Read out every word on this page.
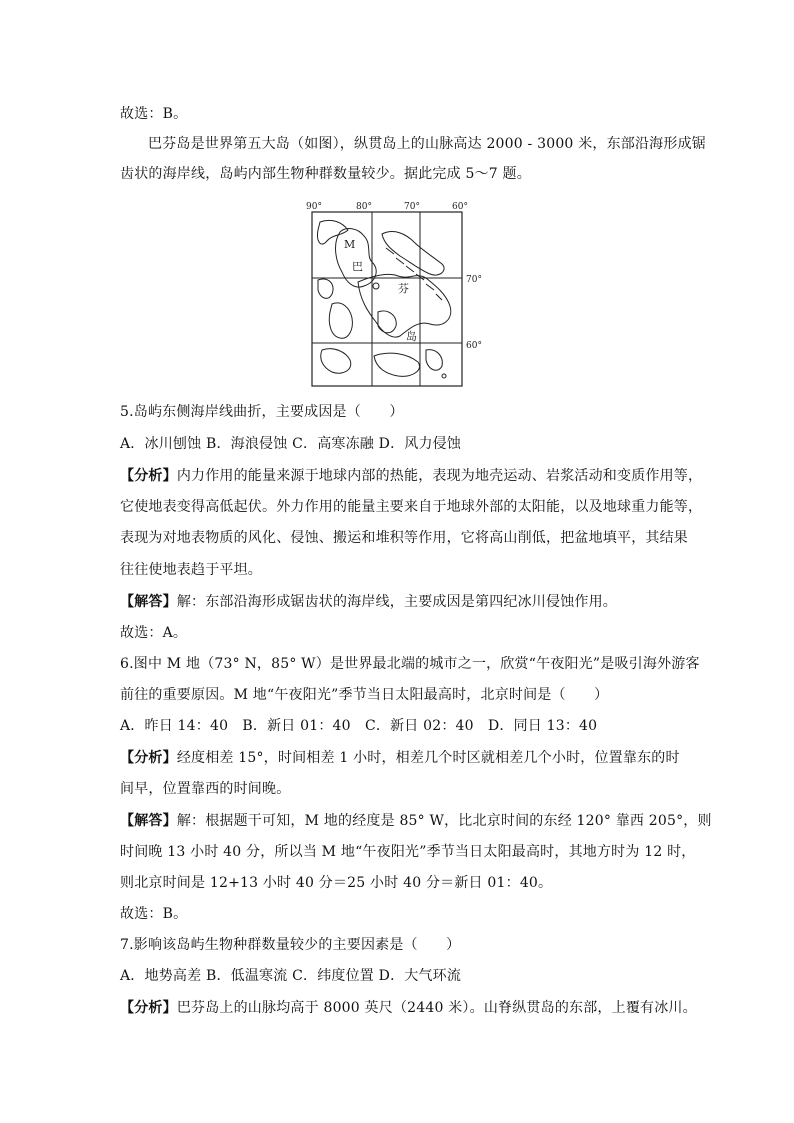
故选：B。
巴芬岛是世界第五大岛（如图），纵贯岛上的山脉高达 2000 - 3000 米，东部沿海形成锯
齿状的海岸线，岛屿内部生物种群数量较少。据此完成 5～7 题。
90°	80°	70°	60°
70°
60°
M
巴
芬
岛
5.岛屿东侧海岸线曲折，主要成因是（　　）
A．冰川刨蚀 B．海浪侵蚀 C．高寒冻融 D．风力侵蚀
【分析】内力作用的能量来源于地球内部的热能，表现为地壳运动、岩浆活动和变质作用等，
它使地表变得高低起伏。外力作用的能量主要来自于地球外部的太阳能，以及地球重力能等，
表现为对地表物质的风化、侵蚀、搬运和堆积等作用，它将高山削低，把盆地填平，其结果
往往使地表趋于平坦。
【解答】解：东部沿海形成锯齿状的海岸线，主要成因是第四纪冰川侵蚀作用。
故选：A。
6.图中 M 地（73° N，85° W）是世界最北端的城市之一，欣赏“午夜阳光”是吸引海外游客
前往的重要原因。M 地“午夜阳光”季节当日太阳最高时，北京时间是（　　）
A．昨日 14：40　B．新日 01：40　C．新日 02：40　D．同日 13：40
【分析】经度相差 15°，时间相差 1 小时，相差几个时区就相差几个小时，位置靠东的时
间早，位置靠西的时间晚。
【解答】解：根据题干可知，M 地的经度是 85° W，比北京时间的东经 120° 靠西 205°，则
时间晚 13 小时 40 分，所以当 M 地“午夜阳光”季节当日太阳最高时，其地方时为 12 时，
则北京时间是 12+13 小时 40 分＝25 小时 40 分＝新日 01：40。
故选：B。
7.影响该岛屿生物种群数量较少的主要因素是（　　）
A．地势高差 B．低温寒流 C．纬度位置 D．大气环流
【分析】巴芬岛上的山脉均高于 8000 英尺（2440 米）。山脊纵贯岛的东部，上覆有冰川。
